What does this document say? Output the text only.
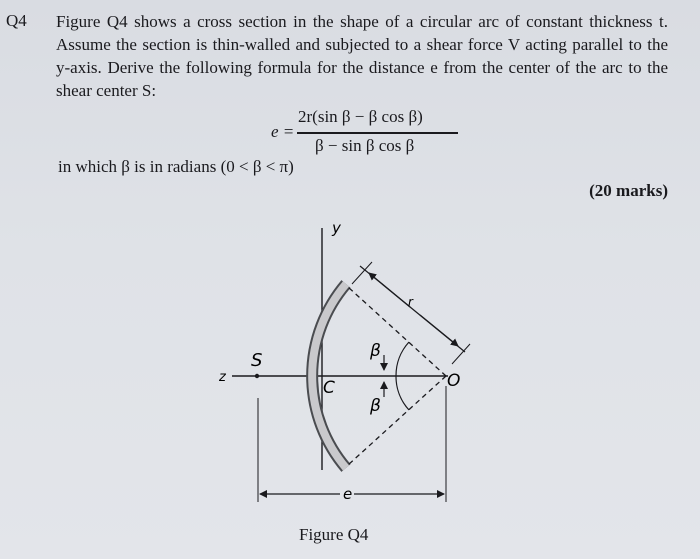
Q4 Figure Q4 shows a cross section in the shape of a circular arc of constant thickness t. Assume the section is thin-walled and subjected to a shear force V acting parallel to the y-axis. Derive the following formula for the distance e from the center of the arc to the shear center S:
e =
2r(sin β − β cos β)
β − sin β cos β
in which β is in radians (0 < β < π)
(20 marks)
y
z
S
C	O
β
β
r
e
Figure Q4
